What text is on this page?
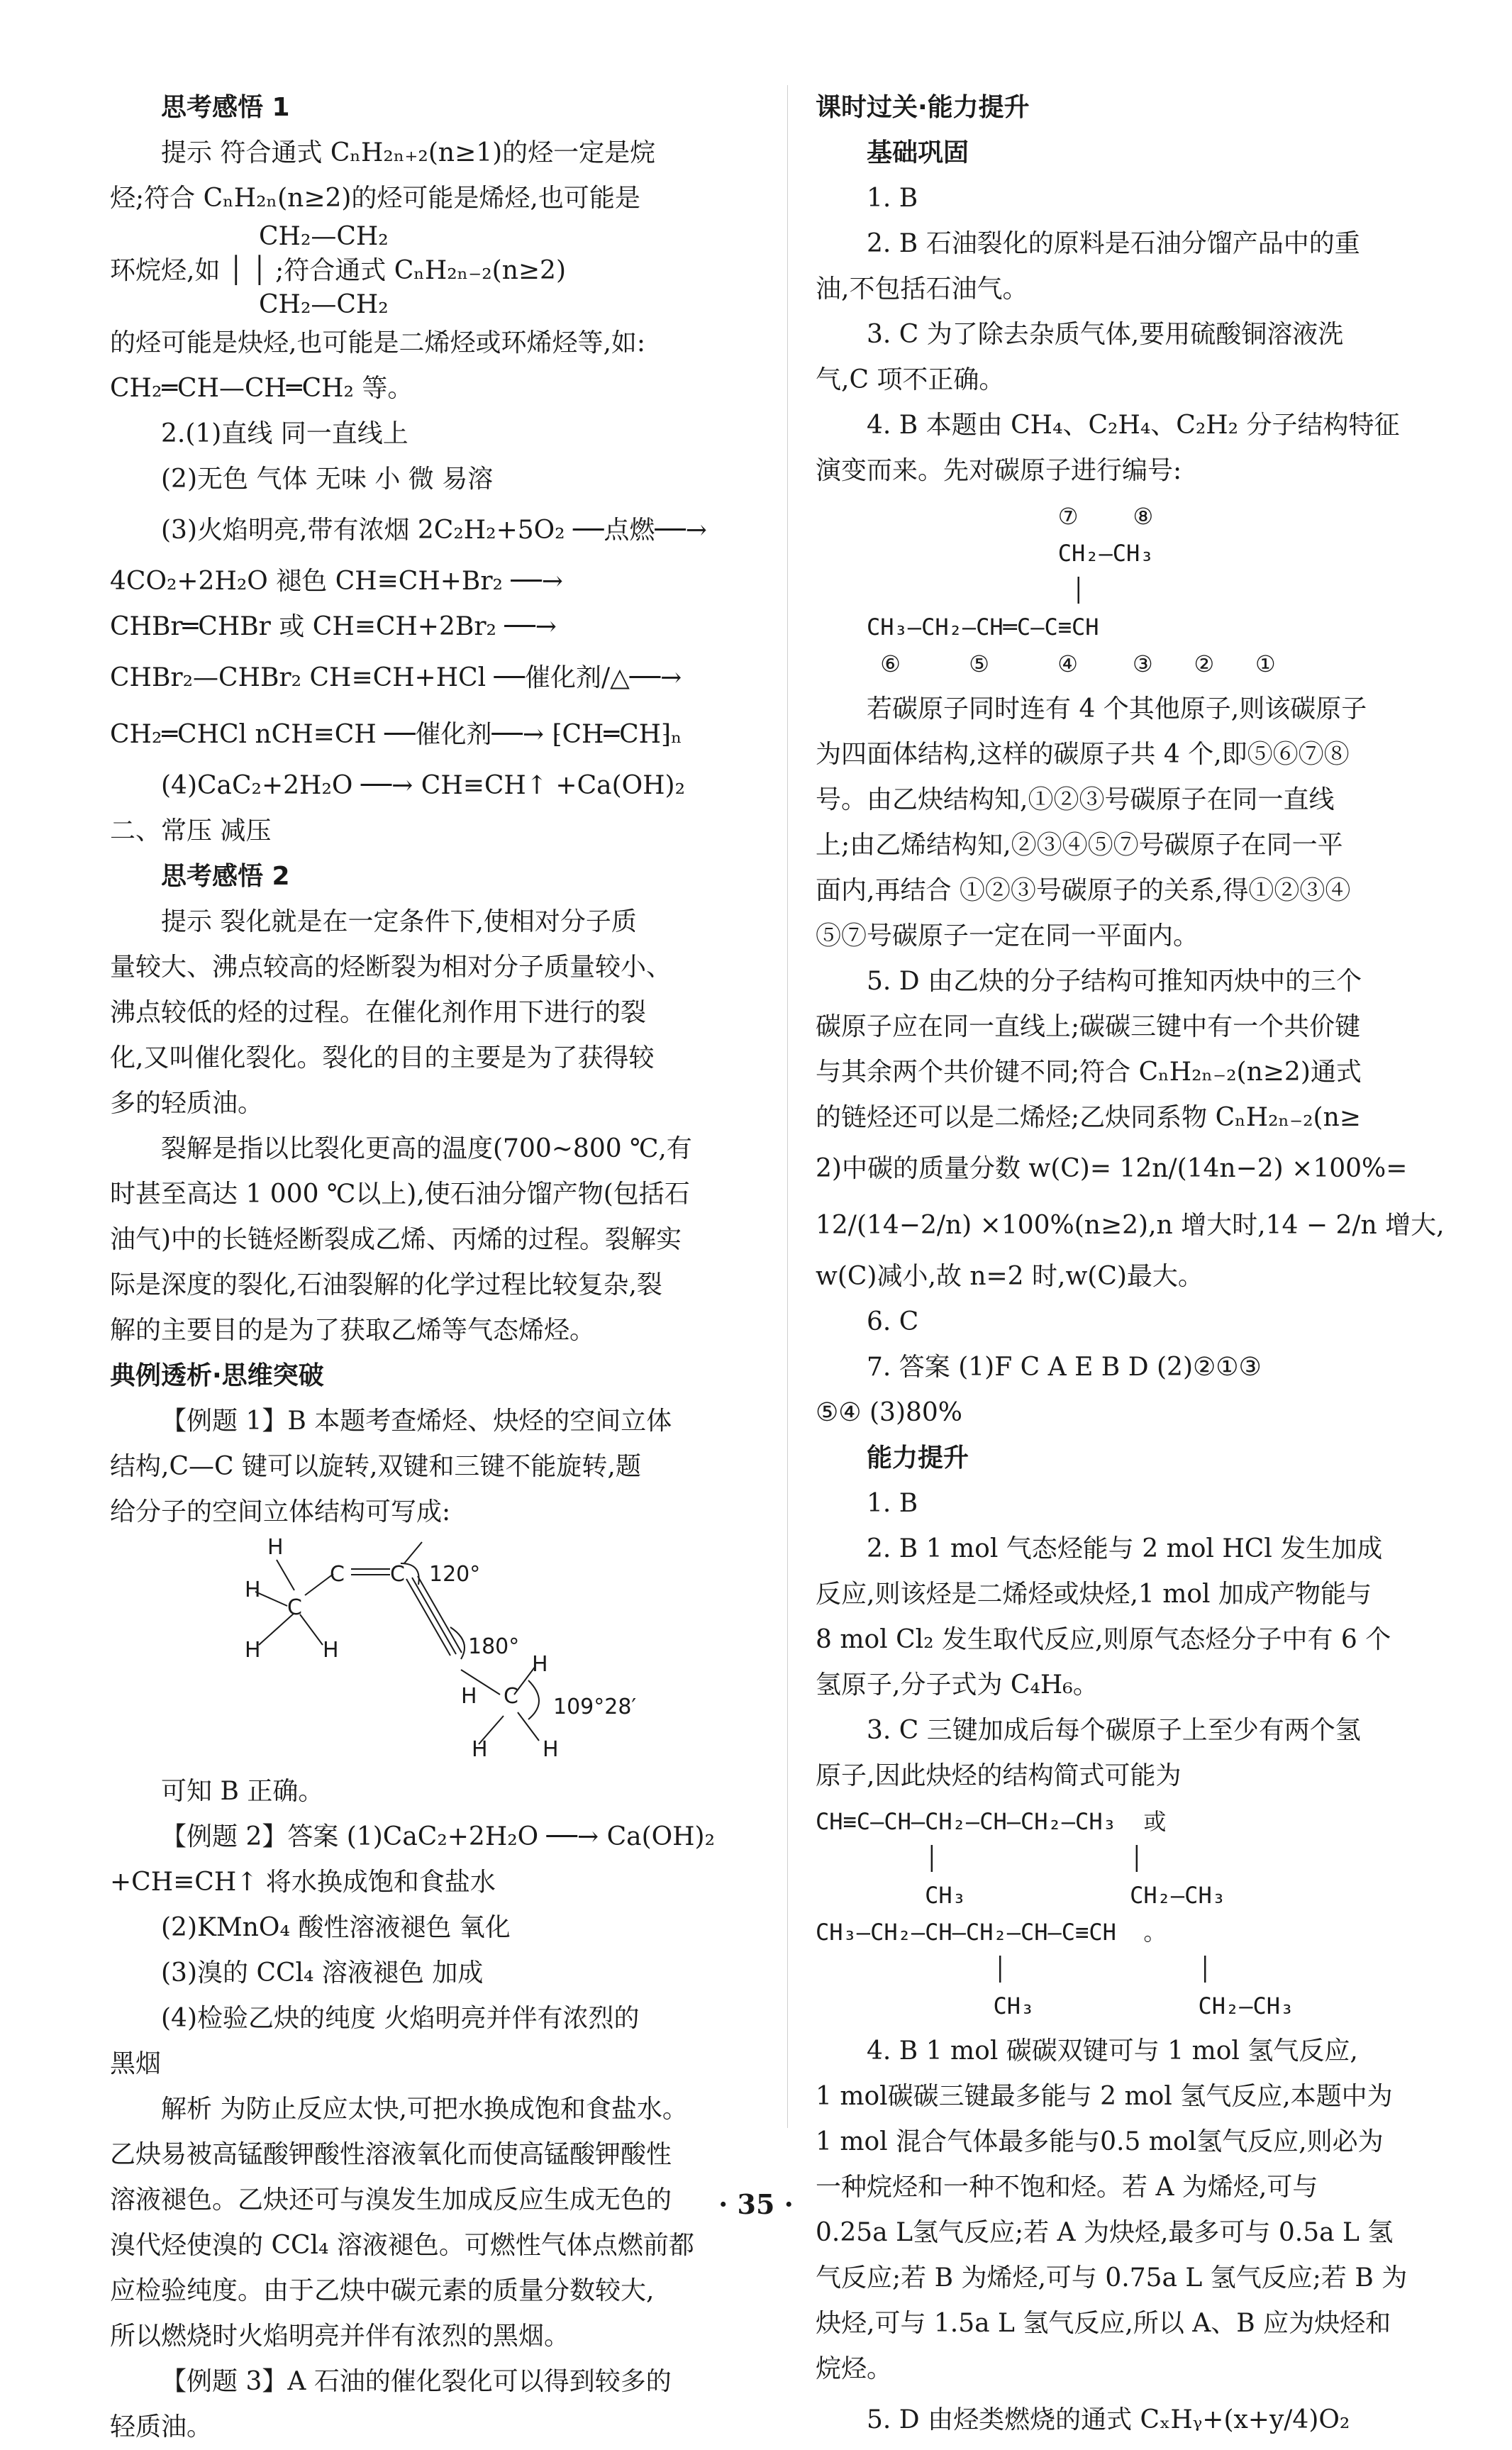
思考感悟 1
提示 符合通式 CₙH₂ₙ₊₂(n≥1)的烃一定是烷
烃;符合 CₙH₂ₙ(n≥2)的烃可能是烯烃,也可能是
CH₂—CH₂
环烷烃,如 │ │ ;符合通式 CₙH₂ₙ₋₂(n≥2)
CH₂—CH₂
的烃可能是炔烃,也可能是二烯烃或环烯烃等,如:
CH₂═CH—CH═CH₂ 等。
2.(1)直线 同一直线上
(2)无色 气体 无味 小 微 易溶
(3)火焰明亮,带有浓烟 2C₂H₂+5O₂ ──点燃──→
4CO₂+2H₂O 褪色 CH≡CH+Br₂ ──→
CHBr═CHBr 或 CH≡CH+2Br₂ ──→
CHBr₂—CHBr₂ CH≡CH+HCl ──催化剂/△──→
CH₂═CHCl nCH≡CH ──催化剂──→ ⁅CH═CH⁆ₙ
(4)CaC₂+2H₂O ──→ CH≡CH↑ +Ca(OH)₂
二、常压 减压
思考感悟 2
提示 裂化就是在一定条件下,使相对分子质
量较大、沸点较高的烃断裂为相对分子质量较小、
沸点较低的烃的过程。在催化剂作用下进行的裂
化,又叫催化裂化。裂化的目的主要是为了获得较
多的轻质油。
裂解是指以比裂化更高的温度(700~800 ℃,有
时甚至高达 1 000 ℃以上),使石油分馏产物(包括石
油气)中的长链烃断裂成乙烯、丙烯的过程。裂解实
际是深度的裂化,石油裂解的化学过程比较复杂,裂
解的主要目的是为了获取乙烯等气态烯烃。
典例透析·思维突破
【例题 1】B 本题考查烯烃、炔烃的空间立体
结构,C—C 键可以旋转,双键和三键不能旋转,题
给分子的空间立体结构可写成:
H
H
C
C C
H	H
120°
180°
H
C
H	109°28′
H	H
可知 B 正确。
【例题 2】答案 (1)CaC₂+2H₂O ──→ Ca(OH)₂
+CH≡CH↑ 将水换成饱和食盐水
(2)KMnO₄ 酸性溶液褪色 氧化
(3)溴的 CCl₄ 溶液褪色 加成
(4)检验乙炔的纯度 火焰明亮并伴有浓烈的
黑烟
解析 为防止反应太快,可把水换成饱和食盐水。
乙炔易被高锰酸钾酸性溶液氧化而使高锰酸钾酸性
溶液褪色。乙炔还可与溴发生加成反应生成无色的
溴代烃使溴的 CCl₄ 溶液褪色。可燃性气体点燃前都
应检验纯度。由于乙炔中碳元素的质量分数较大,
所以燃烧时火焰明亮并伴有浓烈的黑烟。
【例题 3】A 石油的催化裂化可以得到较多的
轻质油。
课时过关·能力提升
基础巩固
1. B
2. B 石油裂化的原料是石油分馏产品中的重
油,不包括石油气。
3. C 为了除去杂质气体,要用硫酸铜溶液洗
气,C 项不正确。
4. B 本题由 CH₄、C₂H₄、C₂H₂ 分子结构特征
演变而来。先对碳原子进行编号:
⑦    ⑧
CH₂—CH₃
│
CH₃—CH₂—CH═C—C≡CH
⑥     ⑤     ④    ③   ②   ①
若碳原子同时连有 4 个其他原子,则该碳原子
为四面体结构,这样的碳原子共 4 个,即⑤⑥⑦⑧
号。由乙炔结构知,①②③号碳原子在同一直线
上;由乙烯结构知,②③④⑤⑦号碳原子在同一平
面内,再结合 ①②③号碳原子的关系,得①②③④
⑤⑦号碳原子一定在同一平面内。
5. D 由乙炔的分子结构可推知丙炔中的三个
碳原子应在同一直线上;碳碳三键中有一个共价键
与其余两个共价键不同;符合 CₙH₂ₙ₋₂(n≥2)通式
的链烃还可以是二烯烃;乙炔同系物 CₙH₂ₙ₋₂(n≥
2)中碳的质量分数 w(C)= 12n/(14n−2) ×100%=
12/(14−2/n) ×100%(n≥2),n 增大时,14 − 2/n 增大,
w(C)减小,故 n=2 时,w(C)最大。
6. C
7. 答案 (1)F C A E B D (2)②①③
⑤④ (3)80%
能力提升
1. B
2. B 1 mol 气态烃能与 2 mol HCl 发生加成
反应,则该烃是二烯烃或炔烃,1 mol 加成产物能与
8 mol Cl₂ 发生取代反应,则原气态烃分子中有 6 个
氢原子,分子式为 C₄H₆。
3. C 三键加成后每个碳原子上至少有两个氢
原子,因此炔烃的结构简式可能为
CH≡C—CH—CH₂—CH—CH₂—CH₃  或
│              │
CH₃            CH₂—CH₃
CH₃—CH₂—CH—CH₂—CH—C≡CH  。
│              │
CH₃            CH₂—CH₃
4. B 1 mol 碳碳双键可与 1 mol 氢气反应,
1 mol碳碳三键最多能与 2 mol 氢气反应,本题中为
1 mol 混合气体最多能与0.5 mol氢气反应,则必为
一种烷烃和一种不饱和烃。若 A 为烯烃,可与
0.25a L氢气反应;若 A 为炔烃,最多可与 0.5a L 氢
气反应;若 B 为烯烃,可与 0.75a L 氢气反应;若 B 为
炔烃,可与 1.5a L 氢气反应,所以 A、B 应为炔烃和
烷烃。
5. D 由烃类燃烧的通式 CₓHᵧ+(x+y/4)O₂
· 35 ·
